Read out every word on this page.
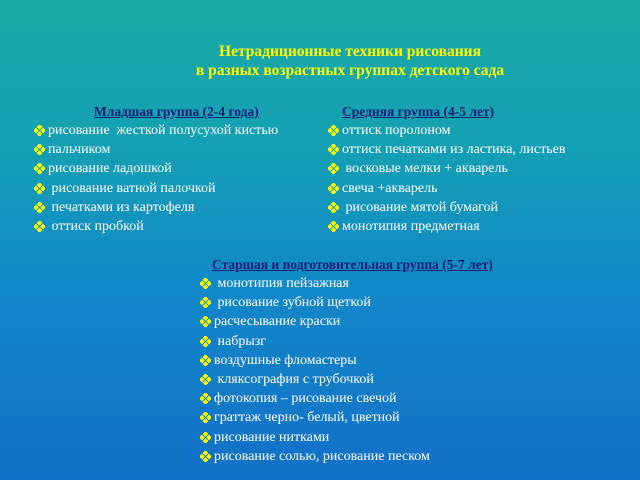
Нетрадиционные техники рисования
в разных возрастных группах детского сада
Младшая группа (2-4 года)
рисование  жесткой полусухой кистью
пальчиком
рисование ладошкой
рисование ватной палочкой
печатками из картофеля
оттиск пробкой
Средняя группа (4-5 лет)
оттиск поролоном
оттиск печатками из ластика, листьев
восковые мелки + акварель
свеча +акварель
рисование мятой бумагой
монотипия предметная
Старшая и подготовительная группа (5-7 лет)
монотипия пейзажная
рисование зубной щеткой
расчесывание краски
набрызг
воздушные фломастеры
кляксография с трубочкой
фотокопия – рисование свечой
граттаж черно- белый, цветной
рисование нитками
рисование солью, рисование песком
